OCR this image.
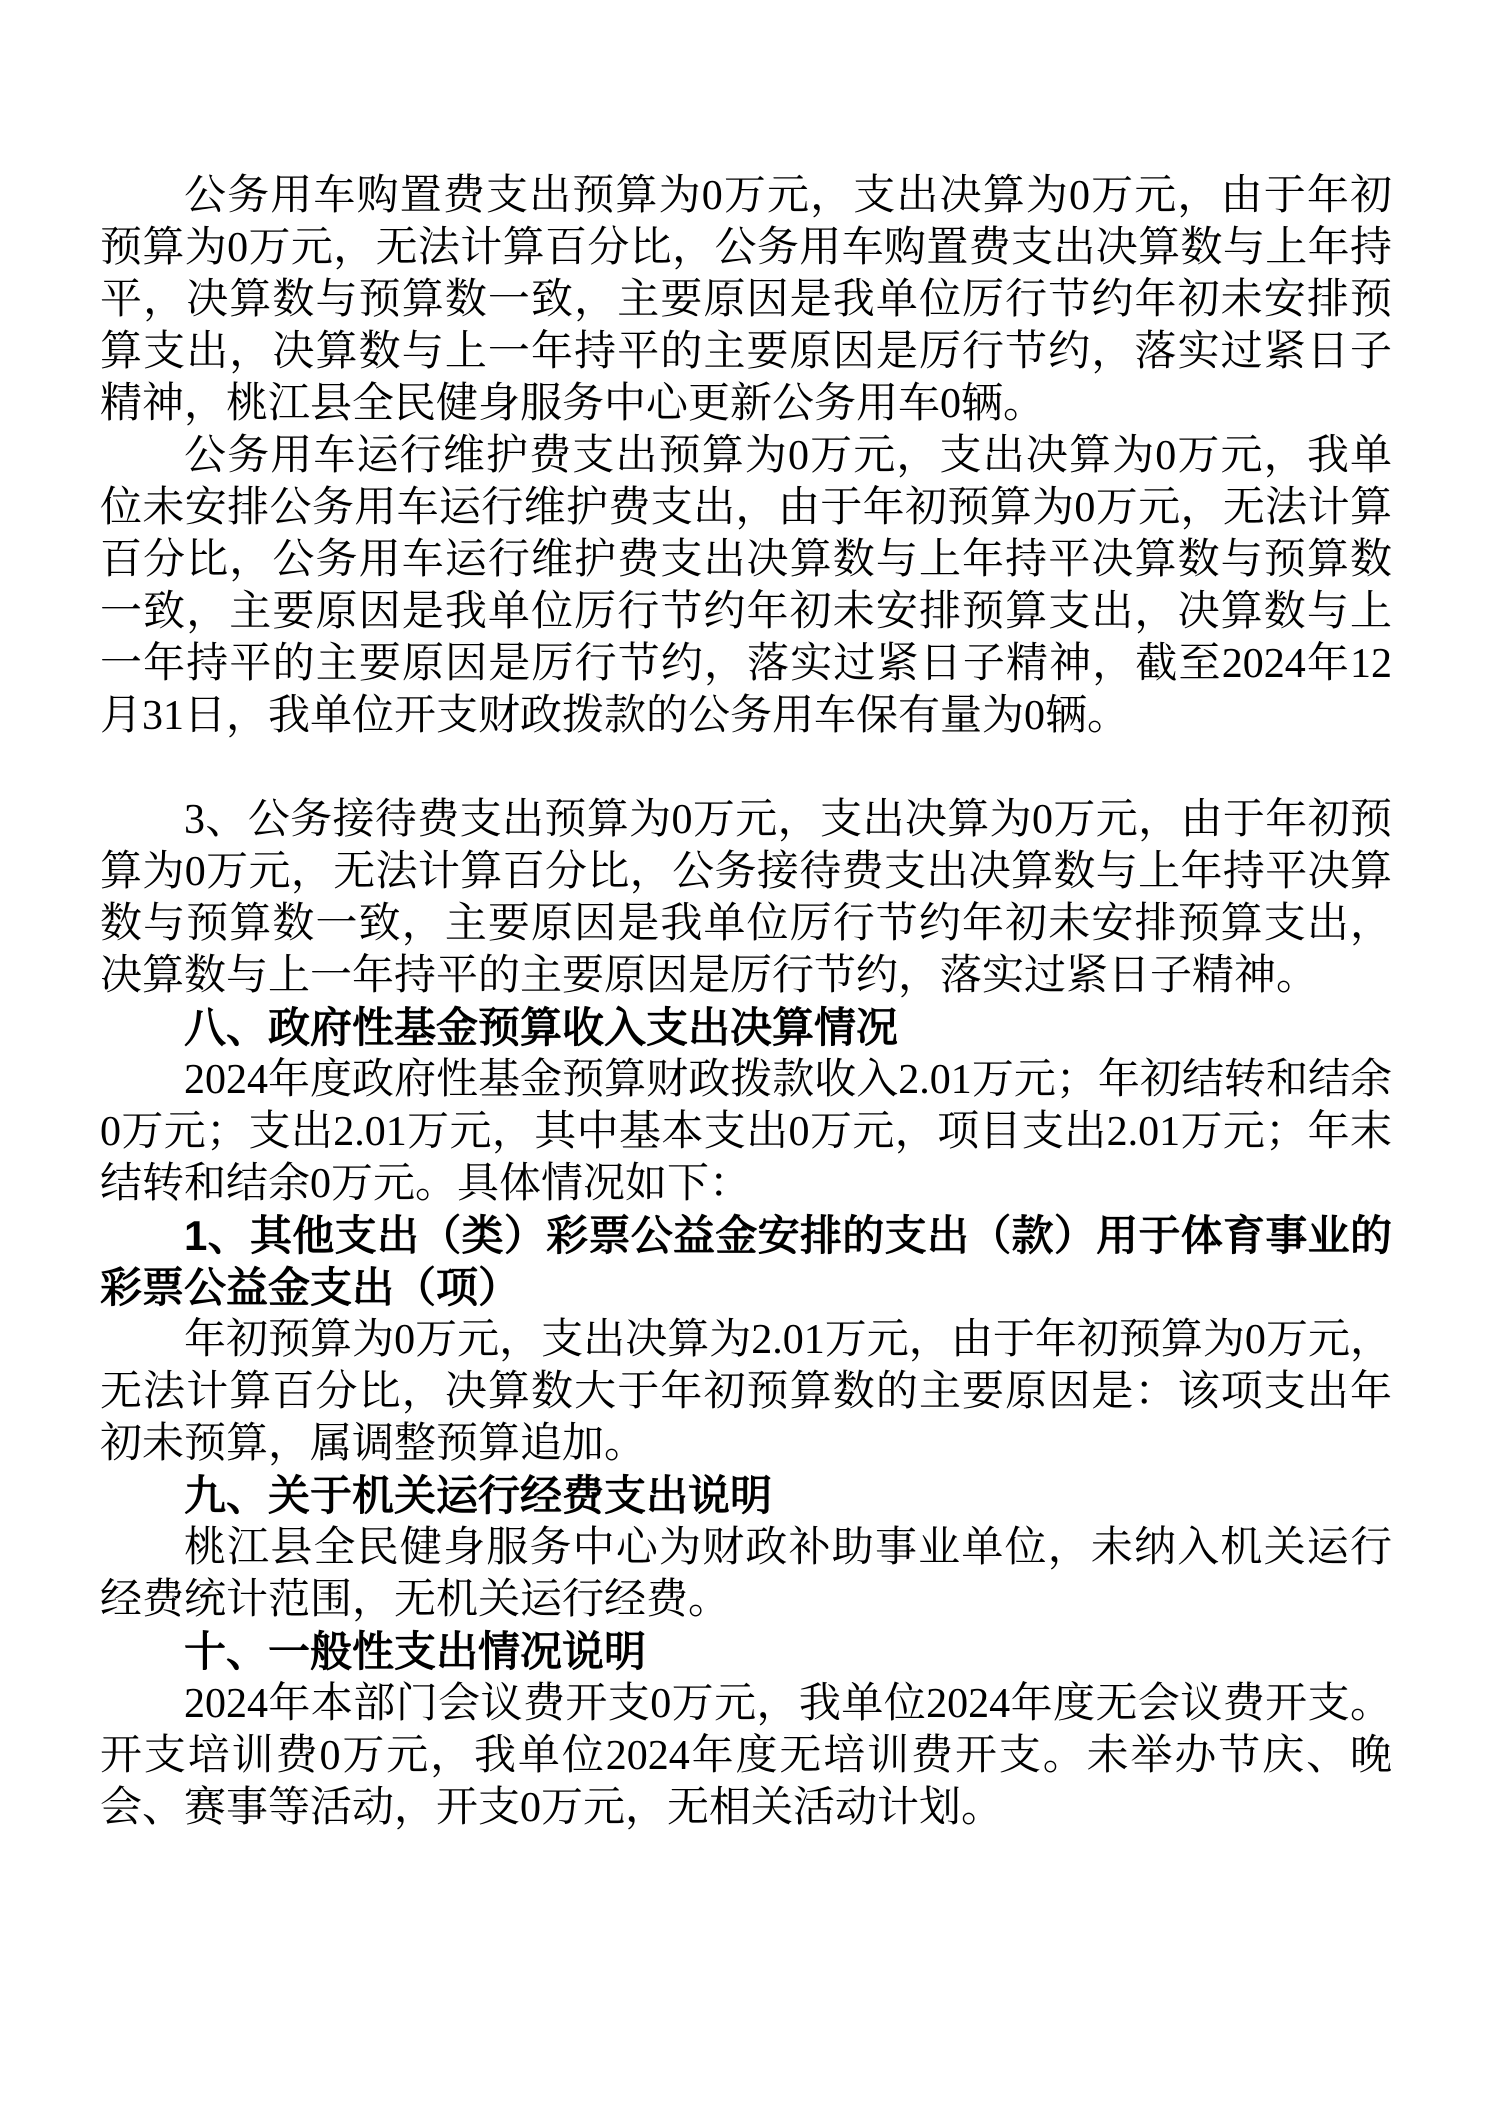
公务用车购置费支出预算为0万元，支出决算为0万元，由于年初预算为0万元，无法计算百分比，公务用车购置费支出决算数与上年持平，决算数与预算数一致，主要原因是我单位厉行节约年初未安排预算支出，决算数与上一年持平的主要原因是厉行节约，落实过紧日子精神，桃江县全民健身服务中心更新公务用车0辆。

公务用车运行维护费支出预算为0万元，支出决算为0万元，我单位未安排公务用车运行维护费支出，由于年初预算为0万元，无法计算百分比，公务用车运行维护费支出决算数与上年持平决算数与预算数一致，主要原因是我单位厉行节约年初未安排预算支出，决算数与上一年持平的主要原因是厉行节约，落实过紧日子精神，截至2024年12月31日，我单位开支财政拨款的公务用车保有量为0辆。

3、公务接待费支出预算为0万元，支出决算为0万元，由于年初预算为0万元，无法计算百分比，公务接待费支出决算数与上年持平决算数与预算数一致，主要原因是我单位厉行节约年初未安排预算支出，决算数与上一年持平的主要原因是厉行节约，落实过紧日子精神。

八、政府性基金预算收入支出决算情况

2024年度政府性基金预算财政拨款收入2.01万元；年初结转和结余0万元；支出2.01万元，其中基本支出0万元，项目支出2.01万元；年末结转和结余0万元。具体情况如下：

1、其他支出（类）彩票公益金安排的支出（款）用于体育事业的彩票公益金支出（项）

年初预算为0万元，支出决算为2.01万元，由于年初预算为0万元，无法计算百分比，决算数大于年初预算数的主要原因是：该项支出年初未预算，属调整预算追加。

九、关于机关运行经费支出说明

桃江县全民健身服务中心为财政补助事业单位，未纳入机关运行经费统计范围，无机关运行经费。

十、一般性支出情况说明

2024年本部门会议费开支0万元，我单位2024年度无会议费开支。开支培训费0万元，我单位2024年度无培训费开支。未举办节庆、晚会、赛事等活动，开支0万元，无相关活动计划。
